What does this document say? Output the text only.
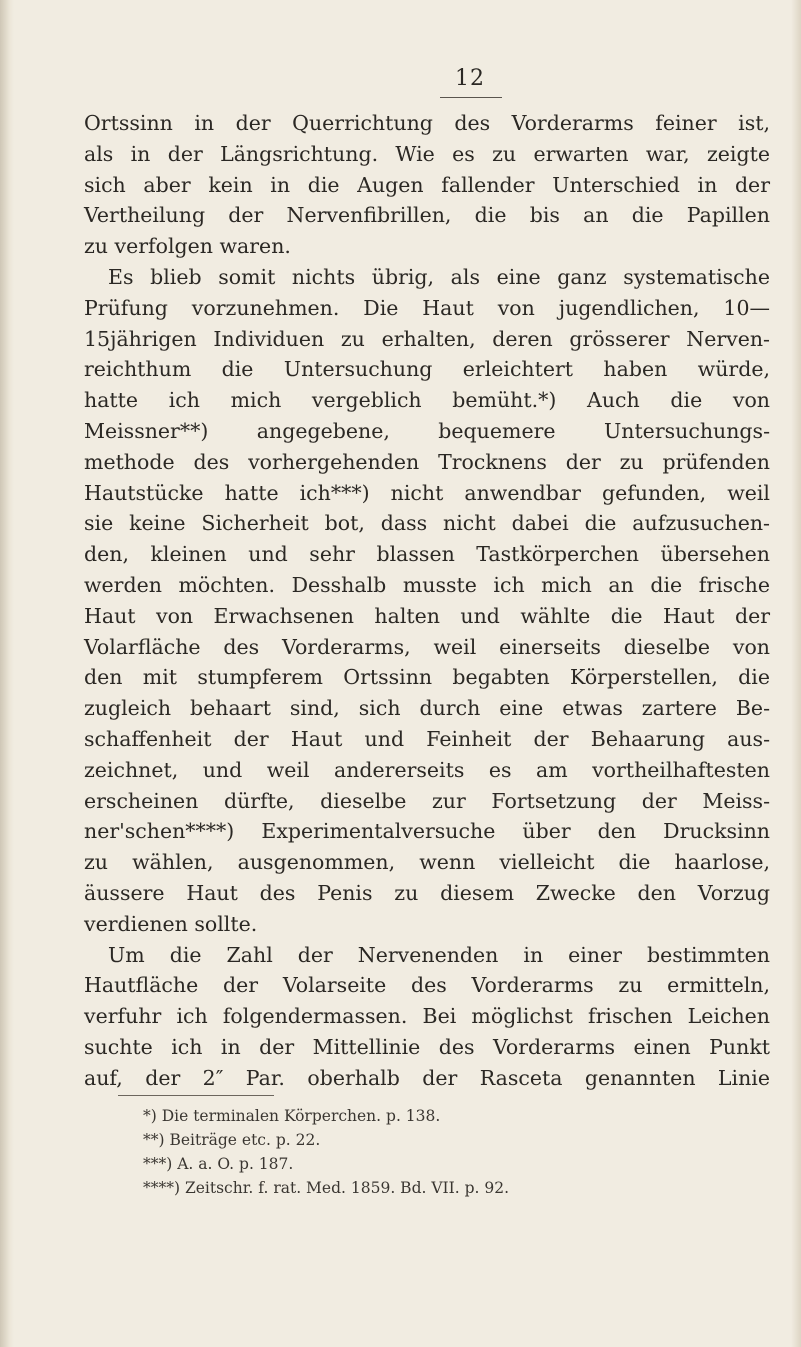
12
Ortssinn in der Querrichtung des Vorderarms feiner ist,
als in der Längsrichtung. Wie es zu erwarten war, zeigte
sich aber kein in die Augen fallender Unterschied in der
Vertheilung der Nervenfibrillen, die bis an die Papillen
zu verfolgen waren.
Es blieb somit nichts übrig, als eine ganz systematische
Prüfung vorzunehmen. Die Haut von jugendlichen, 10—
15jährigen Individuen zu erhalten, deren grösserer Nerven-
reichthum die Untersuchung erleichtert haben würde,
hatte ich mich vergeblich bemüht.*) Auch die von
Meissner**) angegebene, bequemere Untersuchungs-
methode des vorhergehenden Trocknens der zu prüfenden
Hautstücke hatte ich***) nicht anwendbar gefunden, weil
sie keine Sicherheit bot, dass nicht dabei die aufzusuchen-
den, kleinen und sehr blassen Tastkörperchen übersehen
werden möchten. Desshalb musste ich mich an die frische
Haut von Erwachsenen halten und wählte die Haut der
Volarfläche des Vorderarms, weil einerseits dieselbe von
den mit stumpferem Ortssinn begabten Körperstellen, die
zugleich behaart sind, sich durch eine etwas zartere Be-
schaffenheit der Haut und Feinheit der Behaarung aus-
zeichnet, und weil andererseits es am vortheilhaftesten
erscheinen dürfte, dieselbe zur Fortsetzung der Meiss-
ner'schen****) Experimentalversuche über den Drucksinn
zu wählen, ausgenommen, wenn vielleicht die haarlose,
äussere Haut des Penis zu diesem Zwecke den Vorzug
verdienen sollte.
Um die Zahl der Nervenenden in einer bestimmten
Hautfläche der Volarseite des Vorderarms zu ermitteln,
verfuhr ich folgendermassen. Bei möglichst frischen Leichen
suchte ich in der Mittellinie des Vorderarms einen Punkt
auf, der 2″ Par. oberhalb der Rasceta genannten Linie
*) Die terminalen Körperchen. p. 138.
**) Beiträge etc. p. 22.
***) A. a. O. p. 187.
****) Zeitschr. f. rat. Med. 1859. Bd. VII. p. 92.
